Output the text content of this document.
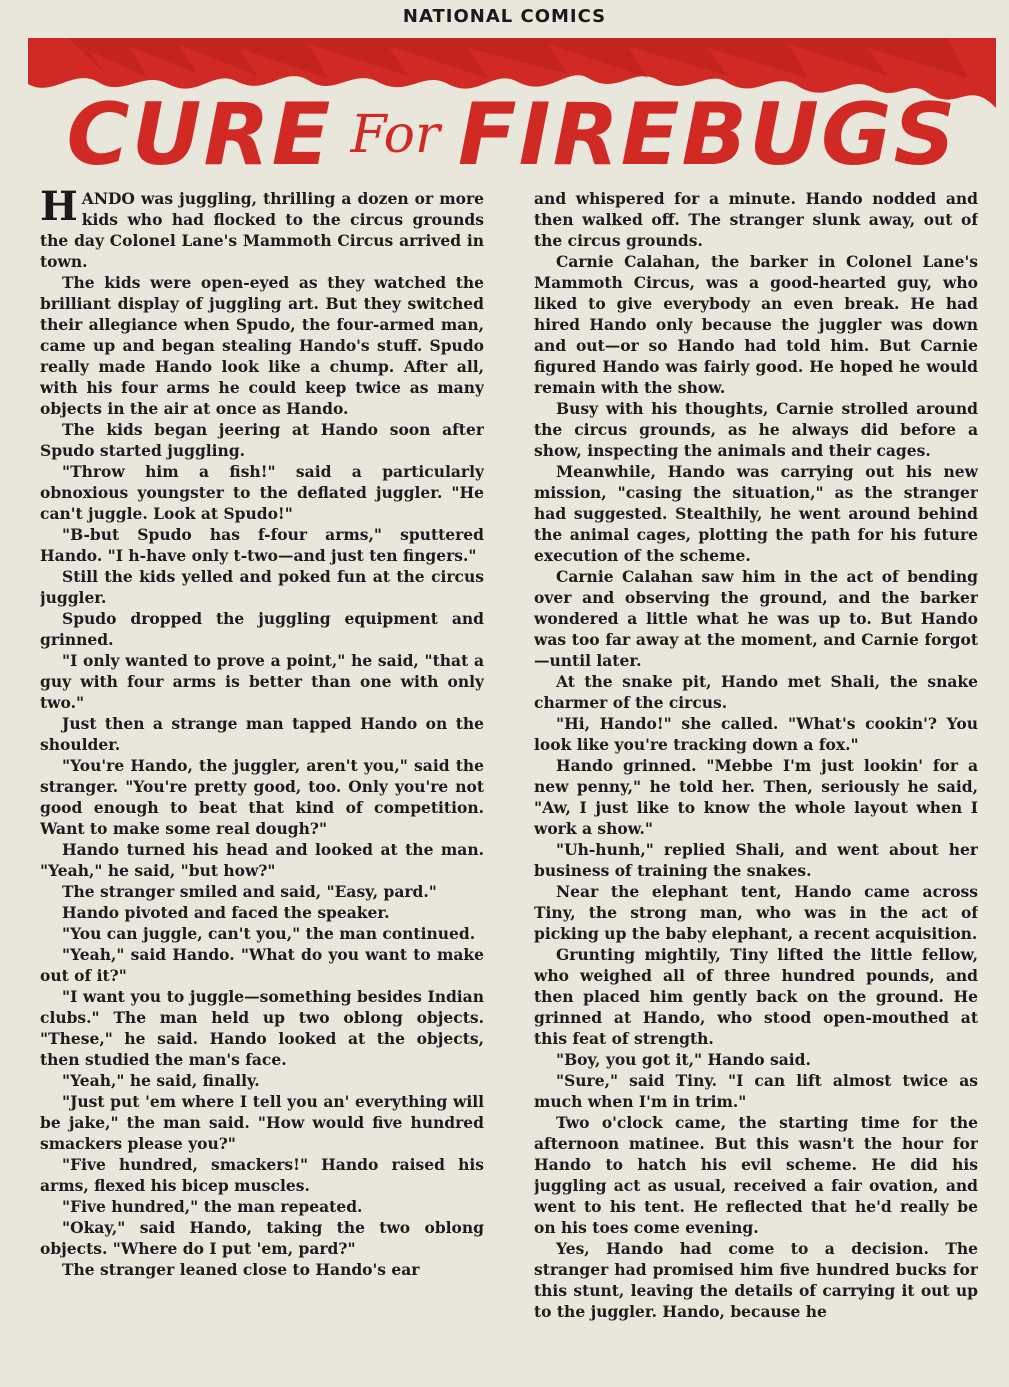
NATIONAL COMICS
CURE For FIREBUGS

HANDO was juggling, thrilling a dozen or more kids who had flocked to the circus grounds the day Colonel Lane's Mammoth Circus arrived in town.

The kids were open-eyed as they watched the brilliant display of juggling art. But they switched their allegiance when Spudo, the four-armed man, came up and began stealing Hando's stuff. Spudo really made Hando look like a chump. After all, with his four arms he could keep twice as many objects in the air at once as Hando.

The kids began jeering at Hando soon after Spudo started juggling.

"Throw him a fish!" said a particularly obnoxious youngster to the deflated juggler. "He can't juggle. Look at Spudo!"

"B-but Spudo has f-four arms," sputtered Hando. "I h-have only t-two—and just ten fingers."

Still the kids yelled and poked fun at the circus juggler.

Spudo dropped the juggling equipment and grinned.

"I only wanted to prove a point," he said, "that a guy with four arms is better than one with only two."

Just then a strange man tapped Hando on the shoulder.

"You're Hando, the juggler, aren't you," said the stranger. "You're pretty good, too. Only you're not good enough to beat that kind of competition. Want to make some real dough?"

Hando turned his head and looked at the man. "Yeah," he said, "but how?"

The stranger smiled and said, "Easy, pard."

Hando pivoted and faced the speaker.

"You can juggle, can't you," the man continued.

"Yeah," said Hando. "What do you want to make out of it?"

"I want you to juggle—something besides Indian clubs." The man held up two oblong objects. "These," he said. Hando looked at the objects, then studied the man's face.

"Yeah," he said, finally.

"Just put 'em where I tell you an' everything will be jake," the man said. "How would five hundred smackers please you?"

"Five hundred, smackers!" Hando raised his arms, flexed his bicep muscles.

"Five hundred," the man repeated.

"Okay," said Hando, taking the two oblong objects. "Where do I put 'em, pard?"

The stranger leaned close to Hando's ear

and whispered for a minute. Hando nodded and then walked off. The stranger slunk away, out of the circus grounds.

Carnie Calahan, the barker in Colonel Lane's Mammoth Circus, was a good-hearted guy, who liked to give everybody an even break. He had hired Hando only because the juggler was down and out—or so Hando had told him. But Carnie figured Hando was fairly good. He hoped he would remain with the show.

Busy with his thoughts, Carnie strolled around the circus grounds, as he always did before a show, inspecting the animals and their cages.

Meanwhile, Hando was carrying out his new mission, "casing the situation," as the stranger had suggested. Stealthily, he went around behind the animal cages, plotting the path for his future execution of the scheme.

Carnie Calahan saw him in the act of bending over and observing the ground, and the barker wondered a little what he was up to. But Hando was too far away at the moment, and Carnie forgot—until later.

At the snake pit, Hando met Shali, the snake charmer of the circus.

"Hi, Hando!" she called. "What's cookin'? You look like you're tracking down a fox."

Hando grinned. "Mebbe I'm just lookin' for a new penny," he told her. Then, seriously he said, "Aw, I just like to know the whole layout when I work a show."

"Uh-hunh," replied Shali, and went about her business of training the snakes.

Near the elephant tent, Hando came across Tiny, the strong man, who was in the act of picking up the baby elephant, a recent acquisition.

Grunting mightily, Tiny lifted the little fellow, who weighed all of three hundred pounds, and then placed him gently back on the ground. He grinned at Hando, who stood open-mouthed at this feat of strength.

"Boy, you got it," Hando said.

"Sure," said Tiny. "I can lift almost twice as much when I'm in trim."

Two o'clock came, the starting time for the afternoon matinee. But this wasn't the hour for Hando to hatch his evil scheme. He did his juggling act as usual, received a fair ovation, and went to his tent. He reflected that he'd really be on his toes come evening.

Yes, Hando had come to a decision. The stranger had promised him five hundred bucks for this stunt, leaving the details of carrying it out up to the juggler. Hando, because he
